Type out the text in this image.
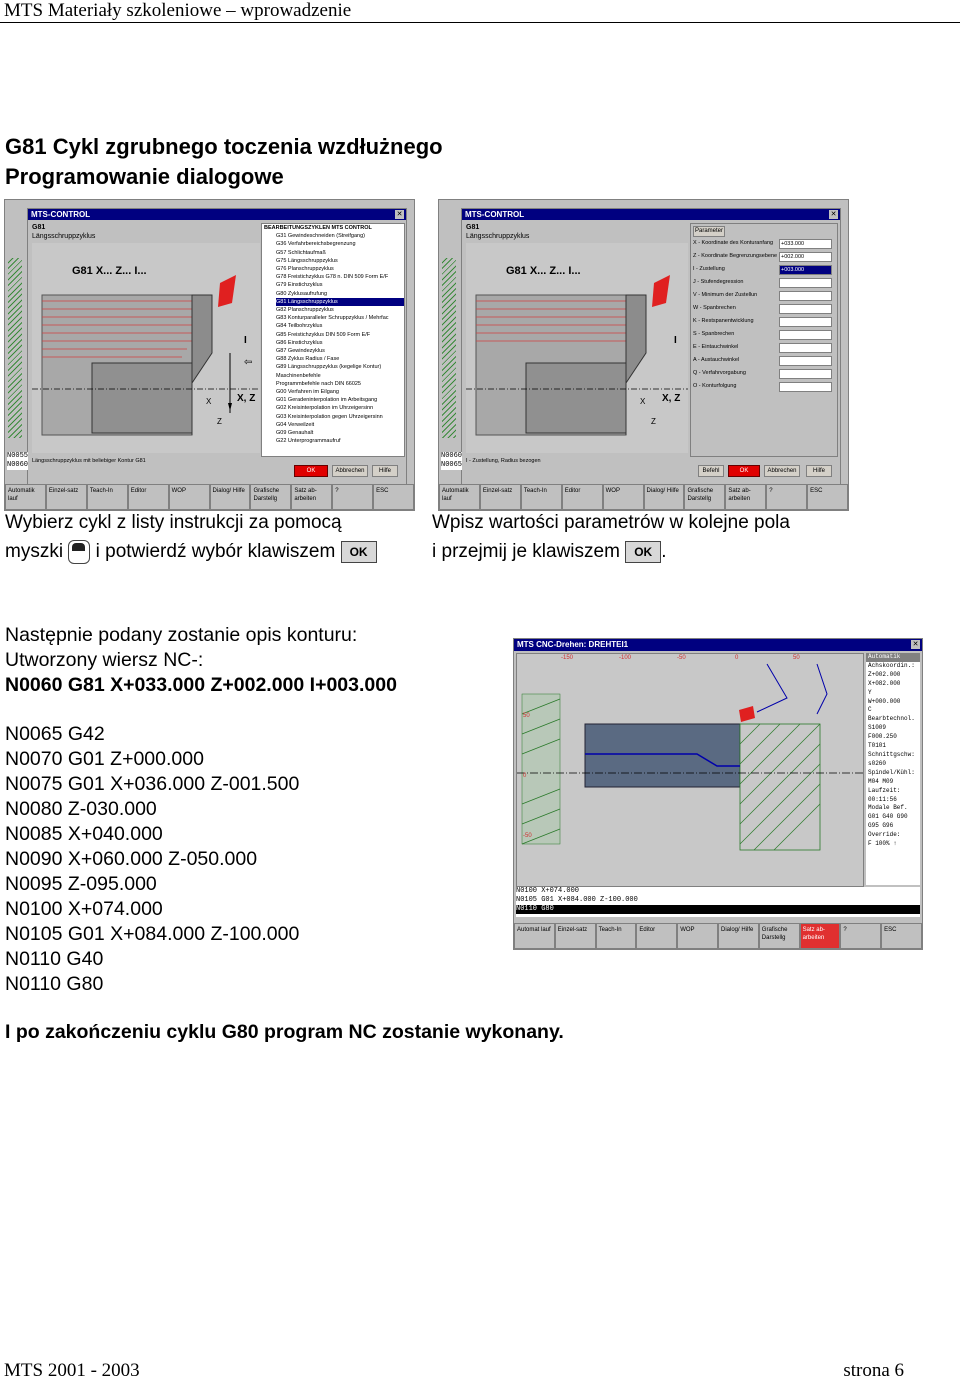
MTS Materiały szkoleniowe – wprowadzenie
G81 Cykl zgrubnego toczenia wzdłużnego
Programowanie dialogowe
MTS-CONTROL	✕
G81
Längsschruppzyklus
G81 X... Z... I...
I
⇦
X, Z
Z
X
BEARBEITUNGSZYKLEN MTS CONTROL
G31 Gewindeschneiden (Streifgang)
G36 Verfahrbereichsbegrenzung
G57 Schlichtaufmaß
G75 Längsschruppzyklus
G76 Planschruppzyklus
G78 Freistichzyklus G78 n. DIN 509 Form E/F
G79 Einstichzyklus
G80 Zyklusaufrufung
G81 Längsschruppzyklus
G82 Planschruppzyklus
G83 Konturparalleler Schruppzyklus / Mehrfac
G84 Teilbohrzyklus
G85 Freistichzyklus DIN 509 Form E/F
G86 Einstichzyklus
G87 Gewindezyklus
G88 Zyklus Radius / Fase
G89 Längsschruppzyklus (kegelige Kontur)
Maschinenbefehle
Programmbefehle nach DIN 66025
G00 Verfahren im Eilgang
G01 Geradeninterpolation im Arbeitsgang
G02 Kreisinterpolation im Uhrzeigersinn
G03 Kreisinterpolation gegen Uhrzeigersinn
G04 Verweilzeit
G09 Genauhalt
G22 Unterprogrammaufruf
Längsschruppzyklus mit beliebiger Kontur G81
OK	Abbrechen	Hilfe
N0055
N0060
Automatik lauf
Einzel-satz	Teach-In	Editor	WOP	Dialog/ Hilfe	Grafische Darstellg
Satz ab-arbeiten
?	ESC
MTS-CONTROL	✕
G81
Längsschruppzyklus
G81 X... Z... I...
I
X, Z
Z
X
Parameter
X - Koordinate des Konturanfang	+033.000
Z - Koordinate Begrenzungsebene +002.000
I - Zustellung	+003.000
J - Stufendegression
V - Minimum der Zustellun
W - Spanbrechen
K - Restspanentwicklung
S - Spanbrechen
E - Eintauchwinkel
A - Austauchwinkel
Q - Verfahrvorgabung
O - Konturfolgung
I - Zustellung, Radius bezogen
Befehl	OK	Abbrechen	Hilfe
N0060
N0065
Automatik lauf
Einzel-satz	Teach-In	Editor	WOP	Dialog/ Hilfe	Grafische Darstellg
Satz ab-arbeiten
?	ESC
Wybierz cykl z listy instrukcji za pomocą
myszki i potwierdź wybór klawiszem OK
Wpisz wartości parametrów w kolejne pola
i przejmij je klawiszem OK .
Następnie podany zostanie opis konturu:
Utworzony wiersz NC-:
N0060 G81 X+033.000 Z+002.000 I+003.000
N0065 G42
N0070 G01 Z+000.000
N0075 G01 X+036.000 Z-001.500
N0080 Z-030.000
N0085 X+040.000
N0090 X+060.000 Z-050.000
N0095 Z-095.000
N0100 X+074.000
N0105 G01 X+084.000 Z-100.000
N0110 G40
N0110 G80
MTS CNC-Drehen: DREHTEI1	✕
-150	-100	-50	0	50
50
0
-50
Automatik
Achskoordin.:
Z+002.000
X+082.000
Y
W+000.000
C
Bearbtechnol.
S1009
F000.250
T0101
Schnittgschw:
s0260
Spindel/Kühl:
M04 M09
Laufzeit:
00:11:56
Modale Bef.
G01 G40 G90
G95 G96
Override:
F 100% ↑
N0100 X+074.000
N0105 G01 X+084.000 Z-100.000
N0110 G80
Automat lauf	Einzel-satz	Teach-In	Editor	WOP	Dialog/ Hilfe	Grafische Darstellg
Satz ab-arbeiten
?	ESC
I po zakończeniu cyklu G80 program NC zostanie wykonany.
MTS 2001 - 2003	strona 6
